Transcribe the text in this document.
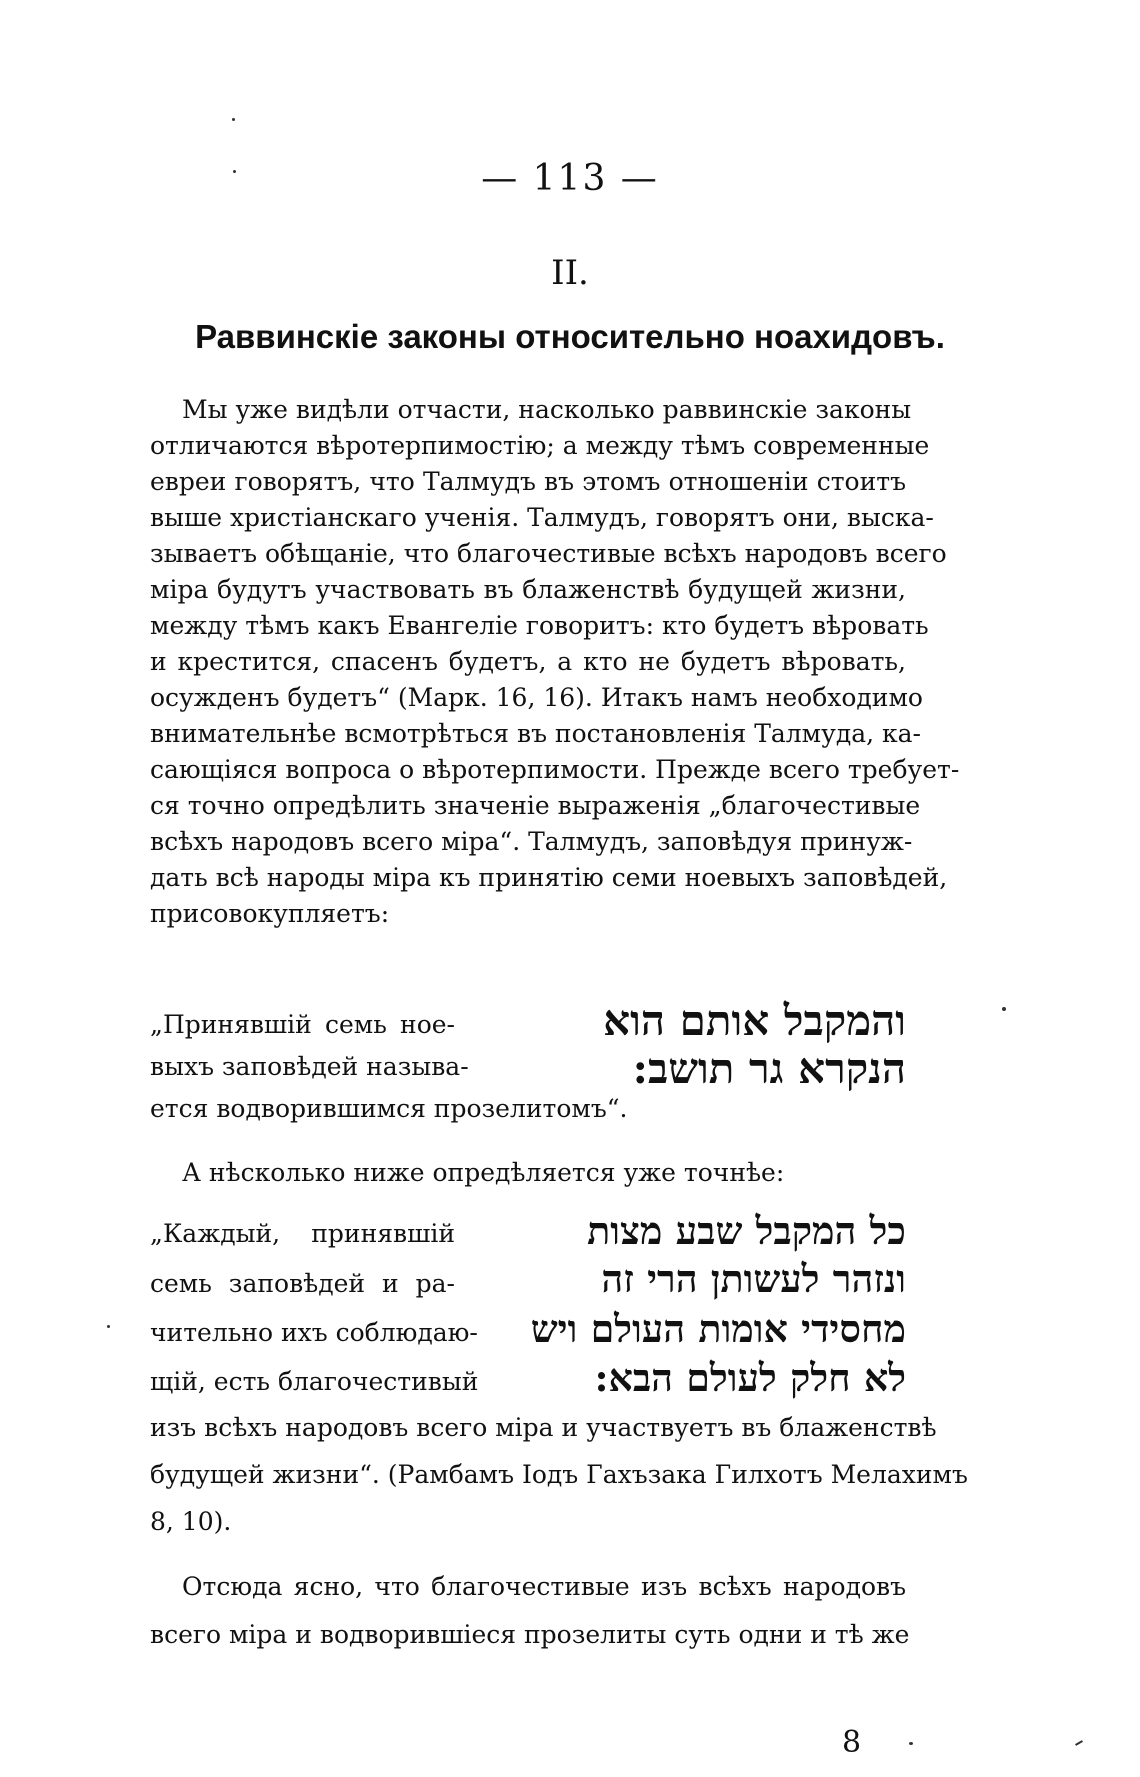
— 113 —
II.
Раввинскіе законы относительно ноахидовъ.
Мы уже видѣли отчасти, насколько раввинскіе законы
отличаются вѣротерпимостію; а между тѣмъ современные
евреи говорятъ, что Талмудъ въ этомъ отношеніи стоитъ
выше христіанскаго ученія. Талмудъ, говорятъ они, выска-
зываетъ обѣщаніе, что благочестивые всѣхъ народовъ всего
міра будутъ участвовать въ блаженствѣ будущей жизни,
между тѣмъ какъ Евангеліе говоритъ: кто будетъ вѣровать
и крестится, спасенъ будетъ, а кто не будетъ вѣровать,
осужденъ будетъ“ (Марк. 16, 16). Итакъ намъ необходимо
внимательнѣе всмотрѣться въ постановленія Талмуда, ка-
сающіяся вопроса о вѣротерпимости. Прежде всего требует-
ся точно опредѣлить значеніе выраженія „благочестивые
всѣхъ народовъ всего міра“. Талмудъ, заповѣдуя принуж-
дать всѣ народы міра къ принятію семи ноевыхъ заповѣдей,
присовокупляетъ:
„Принявшій семь ное-
выхъ заповѣдей называ-
ется водворившимся прозелитомъ“.
והמקבל אותם הוא
הנקרא גר תושב:
А нѣсколько ниже опредѣляется уже точнѣе:
„Каждый, принявшій
семь заповѣдей и ра-
чительно ихъ соблюдаю-
щій, есть благочестивый
כל המקבל שבע מצות
ונזהר לעשותן הרי זה
מחסידי אומות העולם ויש
לא חלק לעולם הבא:
изъ всѣхъ народовъ всего міра и участвуетъ въ блаженствѣ
будущей жизни“. (Рамбамъ Іодъ Гахъзака Гилхотъ Мелахимъ
8, 10).
Отсюда ясно, что благочестивые изъ всѣхъ народовъ
всего міра и водворившіеся прозелиты суть одни и тѣ же
8
